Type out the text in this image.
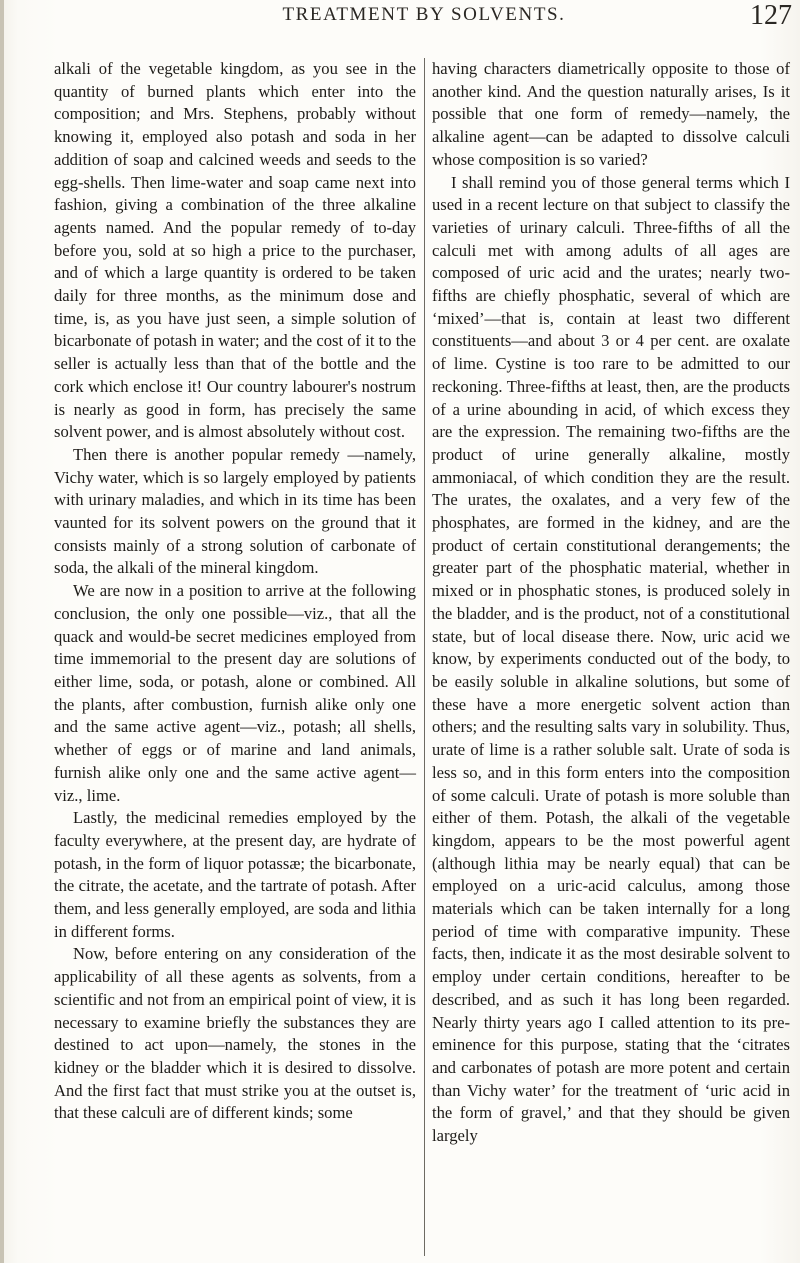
TREATMENT BY SOLVENTS.	127

alkali of the vegetable kingdom, as you see in the quantity of burned plants which enter into the composition; and Mrs. Stephens, probably without knowing it, employed also potash and soda in her addition of soap and calcined weeds and seeds to the egg-shells. Then lime-water and soap came next into fashion, giving a combination of the three alkaline agents named. And the popular remedy of to-day before you, sold at so high a price to the purchaser, and of which a large quantity is ordered to be taken daily for three months, as the minimum dose and time, is, as you have just seen, a simple solution of bicarbonate of potash in water; and the cost of it to the seller is actually less than that of the bottle and the cork which enclose it! Our country labourer's nostrum is nearly as good in form, has precisely the same solvent power, and is almost absolutely without cost.

Then there is another popular remedy —namely, Vichy water, which is so largely employed by patients with urinary maladies, and which in its time has been vaunted for its solvent powers on the ground that it consists mainly of a strong solution of carbonate of soda, the alkali of the mineral kingdom.

We are now in a position to arrive at the following conclusion, the only one possible—viz., that all the quack and would-be secret medicines employed from time immemorial to the present day are solutions of either lime, soda, or potash, alone or combined. All the plants, after combustion, furnish alike only one and the same active agent—viz., potash; all shells, whether of eggs or of marine and land animals, furnish alike only one and the same active agent—viz., lime.

Lastly, the medicinal remedies employed by the faculty everywhere, at the present day, are hydrate of potash, in the form of liquor potassæ; the bicarbonate, the citrate, the acetate, and the tartrate of potash. After them, and less generally employed, are soda and lithia in different forms.

Now, before entering on any consideration of the applicability of all these agents as solvents, from a scientific and not from an empirical point of view, it is necessary to examine briefly the substances they are destined to act upon—namely, the stones in the kidney or the bladder which it is desired to dissolve. And the first fact that must strike you at the outset is, that these calculi are of different kinds; some

having characters diametrically opposite to those of another kind. And the question naturally arises, Is it possible that one form of remedy—namely, the alkaline agent—can be adapted to dissolve calculi whose composition is so varied?

I shall remind you of those general terms which I used in a recent lecture on that subject to classify the varieties of urinary calculi. Three-fifths of all the calculi met with among adults of all ages are composed of uric acid and the urates; nearly two-fifths are chiefly phosphatic, several of which are ‘mixed’—that is, contain at least two different constituents—and about 3 or 4 per cent. are oxalate of lime. Cystine is too rare to be admitted to our reckoning. Three-fifths at least, then, are the products of a urine abounding in acid, of which excess they are the expression. The remaining two-fifths are the product of urine generally alkaline, mostly ammoniacal, of which condition they are the result. The urates, the oxalates, and a very few of the phosphates, are formed in the kidney, and are the product of certain constitutional derangements; the greater part of the phosphatic material, whether in mixed or in phosphatic stones, is produced solely in the bladder, and is the product, not of a constitutional state, but of local disease there. Now, uric acid we know, by experiments conducted out of the body, to be easily soluble in alkaline solutions, but some of these have a more energetic solvent action than others; and the resulting salts vary in solubility. Thus, urate of lime is a rather soluble salt. Urate of soda is less so, and in this form enters into the composition of some calculi. Urate of potash is more soluble than either of them. Potash, the alkali of the vegetable kingdom, appears to be the most powerful agent (although lithia may be nearly equal) that can be employed on a uric-acid calculus, among those materials which can be taken internally for a long period of time with comparative impunity. These facts, then, indicate it as the most desirable solvent to employ under certain conditions, hereafter to be described, and as such it has long been regarded. Nearly thirty years ago I called attention to its pre-eminence for this purpose, stating that the ‘citrates and carbonates of potash are more potent and certain than Vichy water’ for the treatment of ‘uric acid in the form of gravel,’ and that they should be given largely
